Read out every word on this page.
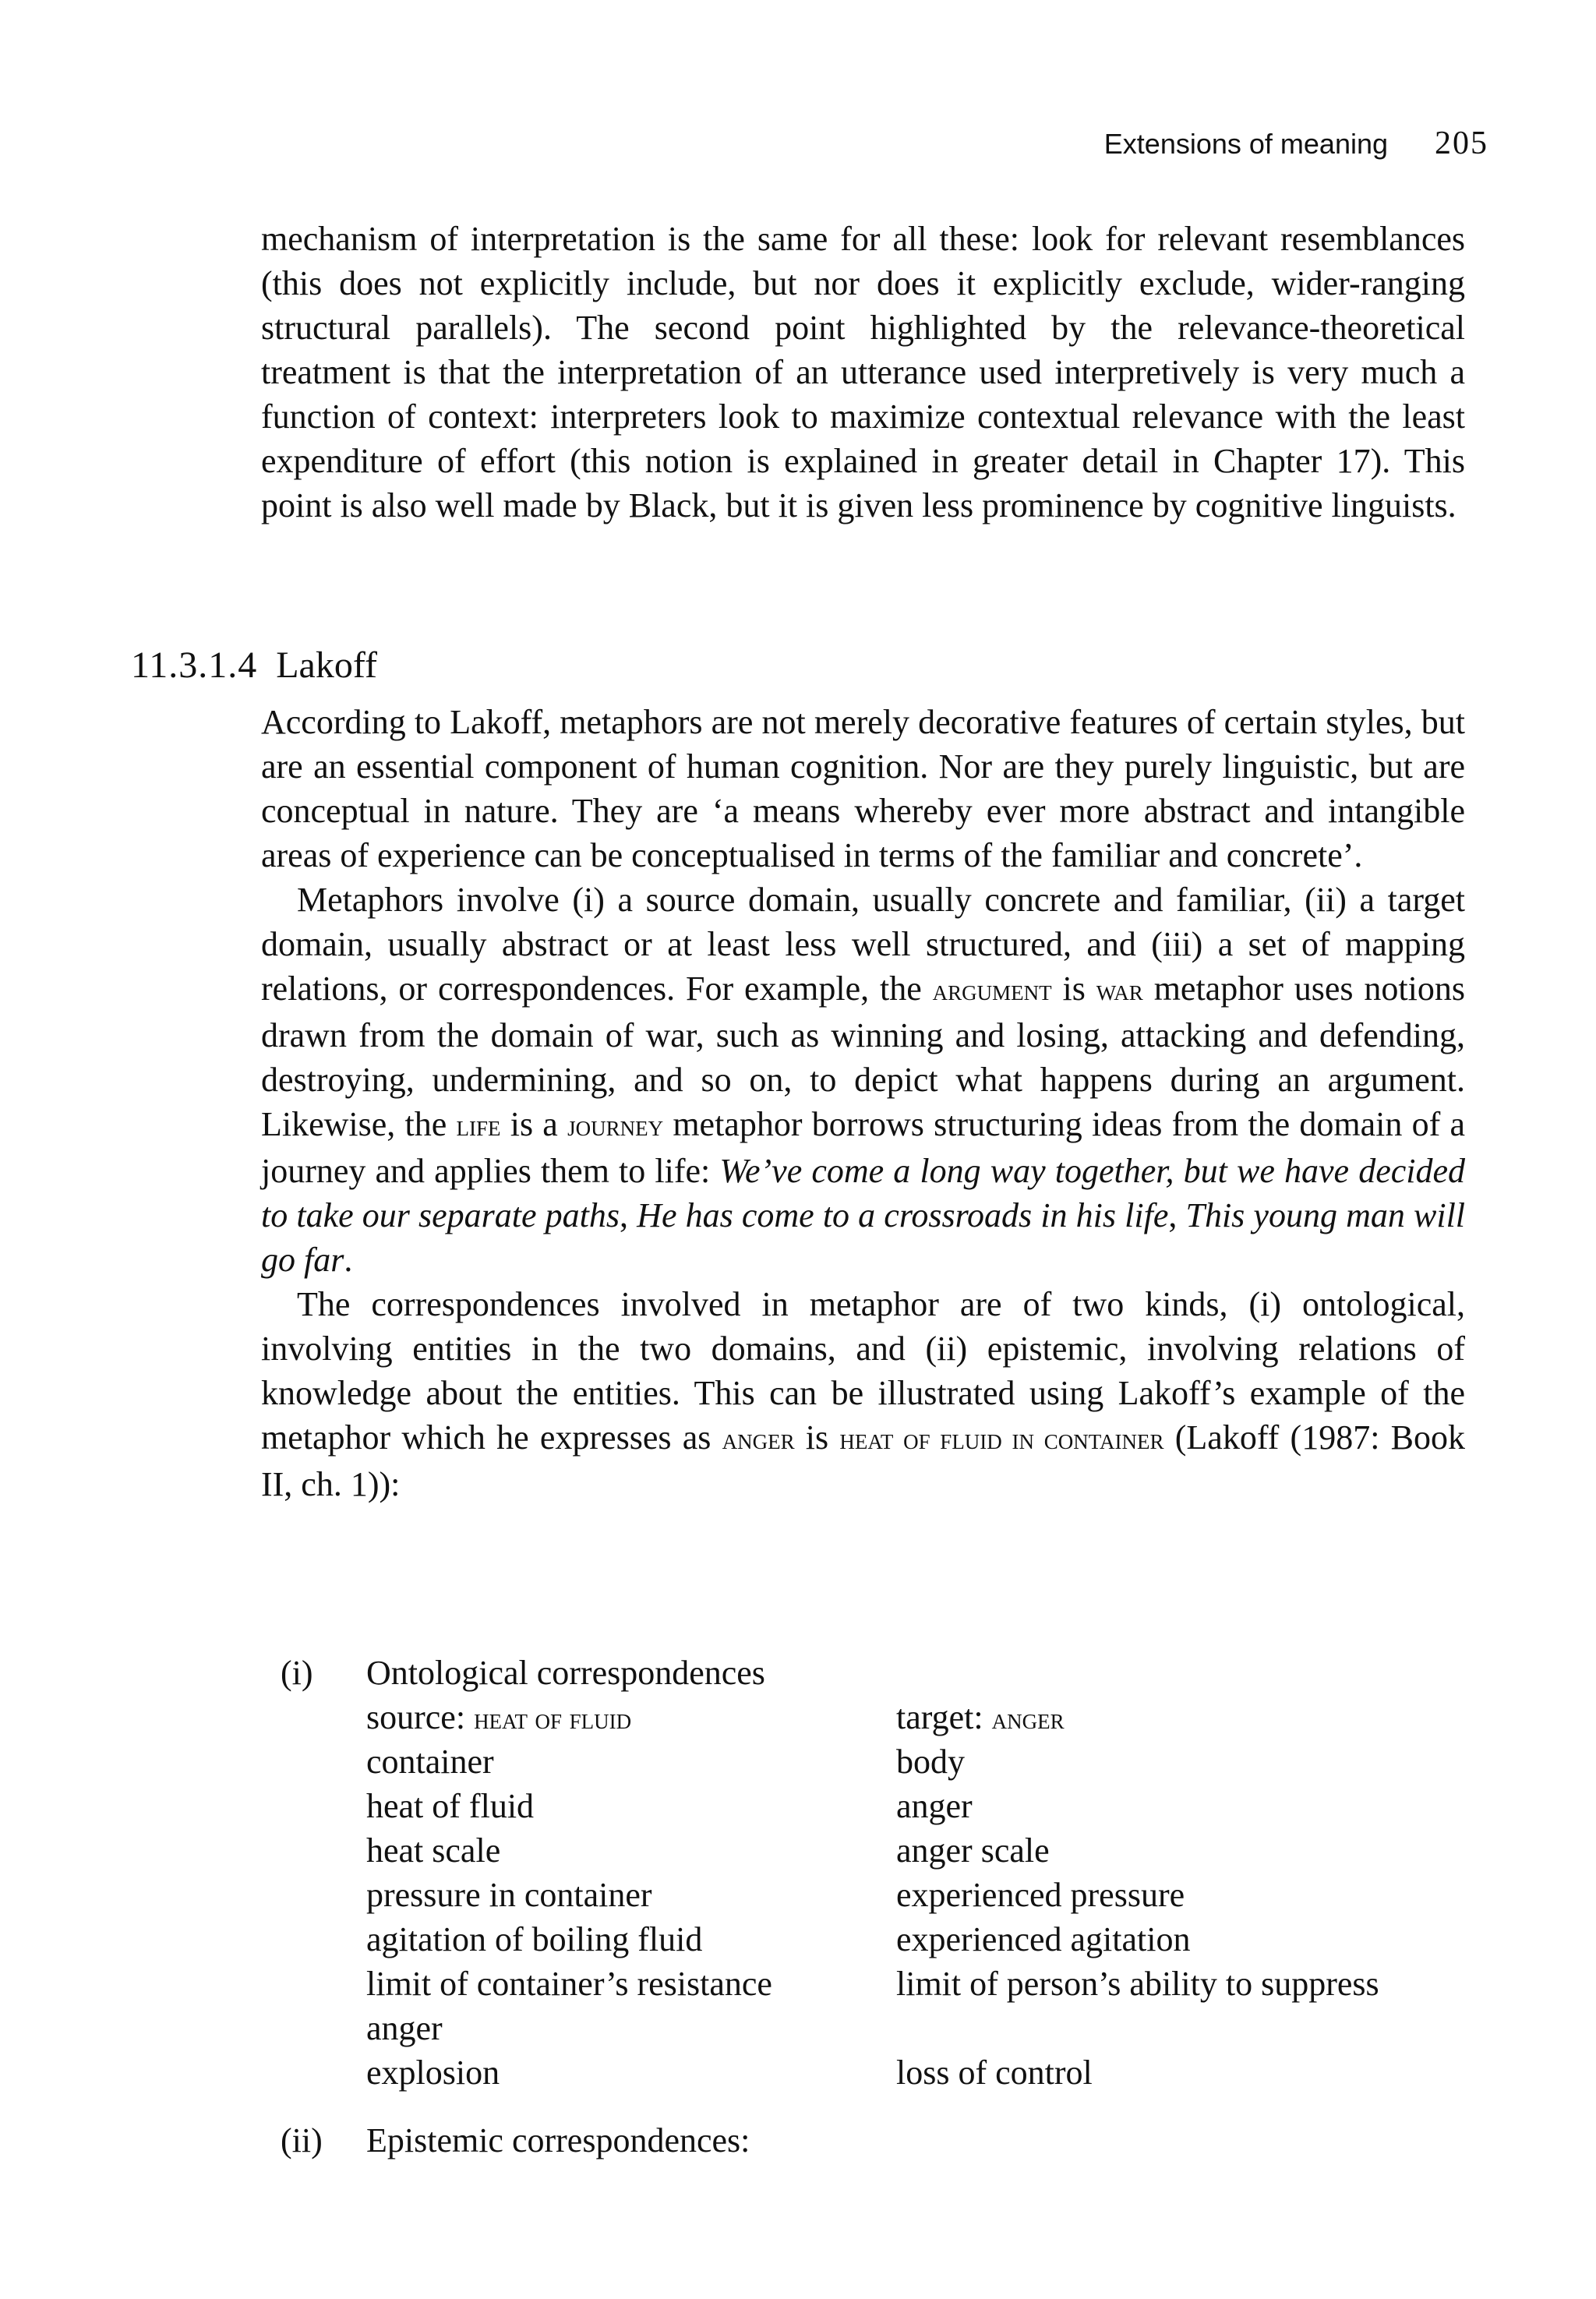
Extensions of meaning 205

mechanism of interpretation is the same for all these: look for relevant resemblances (this does not explicitly include, but nor does it explicitly exclude, wider-ranging structural parallels). The second point highlighted by the relevance-theoretical treatment is that the interpretation of an utterance used interpretively is very much a function of context: interpreters look to maximize contextual relevance with the least expenditure of effort (this notion is explained in greater detail in Chapter 17). This point is also well made by Black, but it is given less prominence by cognitive linguists.

11.3.1.4 Lakoff

According to Lakoff, metaphors are not merely decorative features of certain styles, but are an essential component of human cognition. Nor are they purely linguistic, but are conceptual in nature. They are ‘a means whereby ever more abstract and intangible areas of experience can be conceptualised in terms of the familiar and concrete’.

Metaphors involve (i) a source domain, usually concrete and familiar, (ii) a target domain, usually abstract or at least less well structured, and (iii) a set of mapping relations, or correspondences. For example, the argument is war metaphor uses notions drawn from the domain of war, such as winning and losing, attacking and defending, destroying, undermining, and so on, to depict what happens during an argument. Likewise, the life is a journey metaphor borrows structuring ideas from the domain of a journey and applies them to life: We’ve come a long way together, but we have decided to take our separate paths, He has come to a crossroads in his life, This young man will go far.

The correspondences involved in metaphor are of two kinds, (i) ontological, involving entities in the two domains, and (ii) epistemic, involving relations of knowledge about the entities. This can be illustrated using Lakoff’s example of the metaphor which he expresses as anger is heat of fluid in container (Lakoff (1987: Book II, ch. 1)):

(i) Ontological correspondences
source: heat of fluid	target: anger
container	body
heat of fluid	anger
heat scale	anger scale
pressure in container	experienced pressure
agitation of boiling fluid	experienced agitation
limit of container’s resistance	limit of person’s ability to suppress
anger
explosion	loss of control
(ii) Epistemic correspondences:
